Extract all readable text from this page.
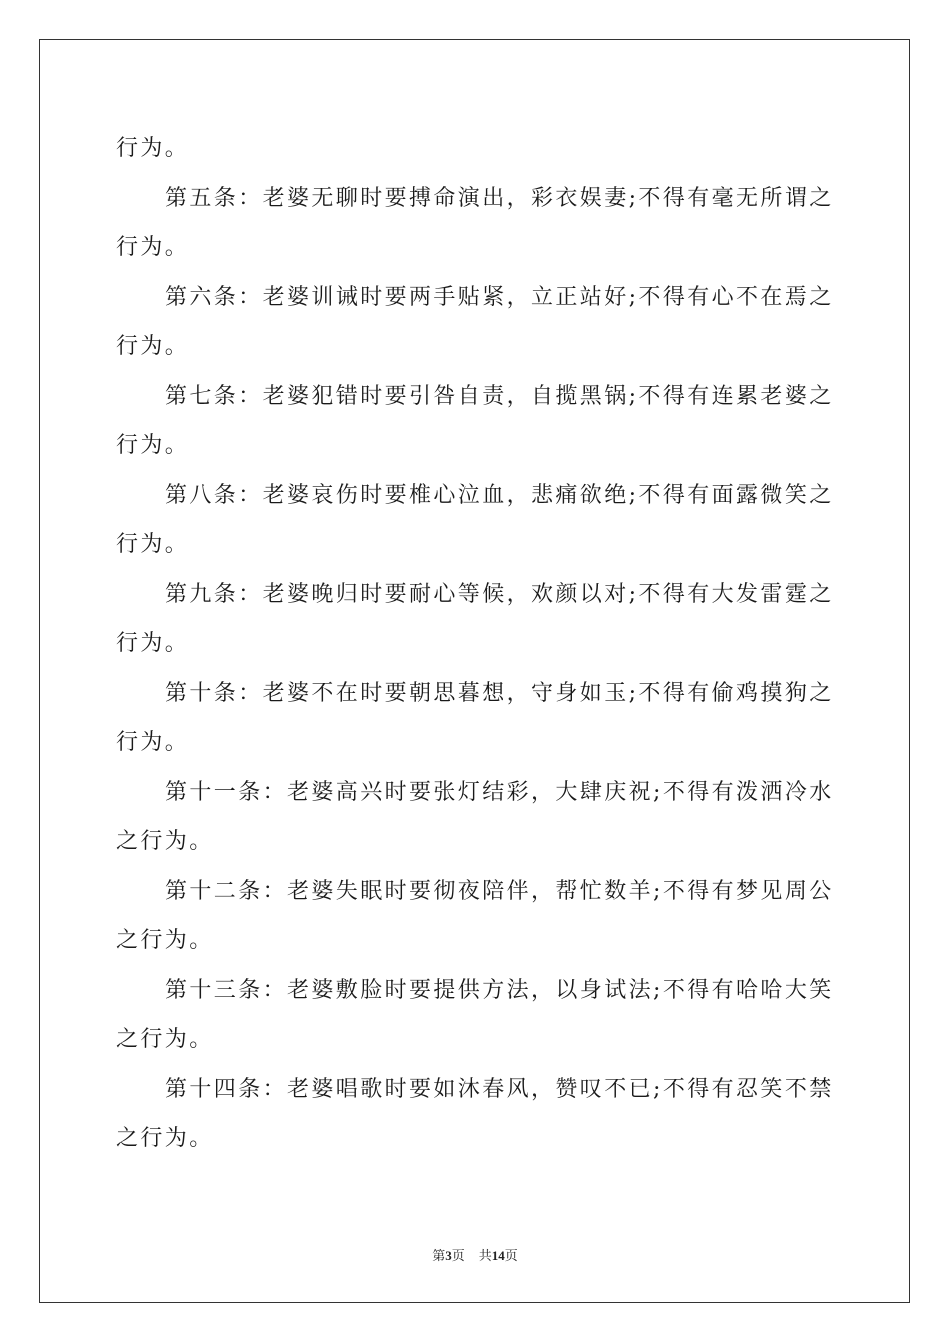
行为。

第五条：老婆无聊时要搏命演出，彩衣娱妻;不得有毫无所谓之行为。

第六条：老婆训诫时要两手贴紧，立正站好;不得有心不在焉之行为。

第七条：老婆犯错时要引咎自责，自揽黑锅;不得有连累老婆之行为。

第八条：老婆哀伤时要椎心泣血，悲痛欲绝;不得有面露微笑之行为。

第九条：老婆晚归时要耐心等候，欢颜以对;不得有大发雷霆之行为。

第十条：老婆不在时要朝思暮想，守身如玉;不得有偷鸡摸狗之行为。

第十一条：老婆高兴时要张灯结彩，大肆庆祝;不得有泼洒冷水之行为。

第十二条：老婆失眠时要彻夜陪伴，帮忙数羊;不得有梦见周公之行为。

第十三条：老婆敷脸时要提供方法，以身试法;不得有哈哈大笑之行为。

第十四条：老婆唱歌时要如沐春风，赞叹不已;不得有忍笑不禁之行为。

第3页 共14页
